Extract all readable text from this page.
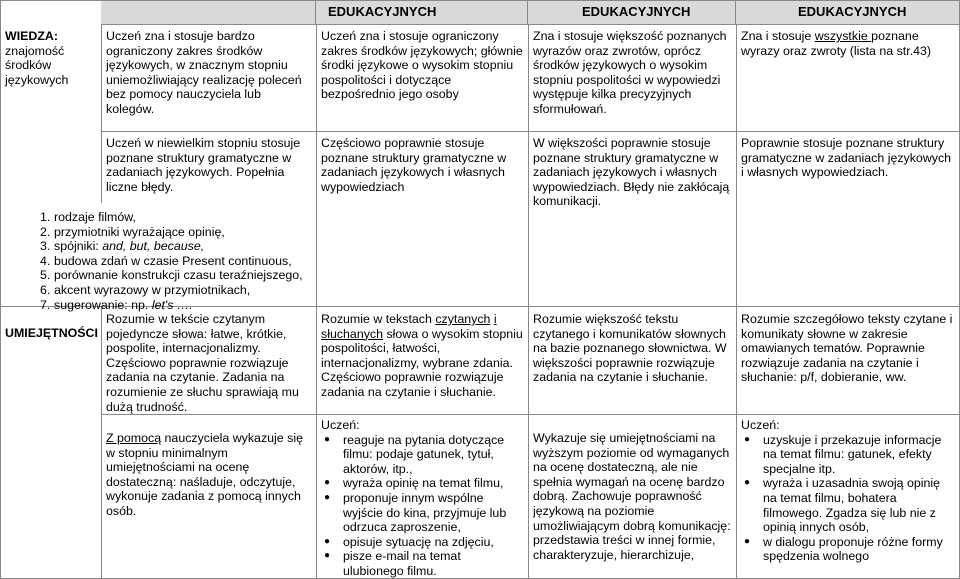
EDUKACYJNYCH	EDUKACYJNYCH	EDUKACYJNYCH

WIEDZA:

znajomość środków językowych

UMIEJĘTNOŚCI

Uczeń zna i stosuje bardzo ograniczony zakres środków językowych, w znacznym stopniu uniemożliwiający realizację poleceń bez pomocy nauczyciela lub kolegów.

Uczeń zna i stosuje ograniczony zakres środków językowych; głównie środki językowe o wysokim stopniu pospolitości i dotyczące bezpośrednio jego osoby

Zna i stosuje większość poznanych wyrazów oraz zwrotów, oprócz środków językowych o wysokim stopniu pospolitości w wypowiedzi występuje kilka precyzyjnych sformułowań.

Zna i stosuje wszystkie poznane wyrazy oraz zwroty (lista na str.43)

Uczeń w niewielkim stopniu stosuje poznane struktury gramatyczne w zadaniach językowych. Popełnia liczne błędy.

Częściowo poprawnie stosuje poznane struktury gramatyczne w zadaniach językowych i własnych wypowiedziach

W większości poprawnie stosuje poznane struktury gramatyczne w zadaniach językowych i własnych wypowiedziach. Błędy nie zakłócają komunikacji.

Poprawnie stosuje poznane struktury gramatyczne w zadaniach językowych i własnych wypowiedziach.

1. rodzaje filmów,
2. przymiotniki wyrażające opinię,
3. spójniki: and, but, because,
4. budowa zdań w czasie Present continuous,
5. porównanie konstrukcji czasu teraźniejszego,
6. akcent wyrazowy w przymiotnikach,
7. sugerowanie: np. let's ….

Rozumie w tekście czytanym pojedyncze słowa: łatwe, krótkie, pospolite, internacjonalizmy. Częściowo poprawnie rozwiązuje zadania na czytanie. Zadania na rozumienie ze słuchu sprawiają mu dużą trudność.

Rozumie w tekstach czytanych i słuchanych słowa o wysokim stopniu pospolitości, łatwości, internacjonalizmy, wybrane zdania. Częściowo poprawnie rozwiązuje zadania na czytanie i słuchanie.

Rozumie większość tekstu czytanego i komunikatów słownych na bazie poznanego słownictwa. W większości poprawnie rozwiązuje zadania na czytanie i słuchanie.

Rozumie szczegółowo teksty czytane i komunikaty słowne w zakresie omawianych tematów. Poprawnie rozwiązuje zadania na czytanie i słuchanie: p/f, dobieranie, ww.

Z pomocą nauczyciela wykazuje się w stopniu minimalnym umiejętnościami na ocenę dostateczną: naśladuje, odczytuje, wykonuje zadania z pomocą innych osób.

Uczeń:

● reaguje na pytania dotyczące filmu: podaje gatunek, tytuł, aktorów, itp.,
● wyraża opinię na temat filmu,
● proponuje innym wspólne wyjście do kina, przyjmuje lub odrzuca zaproszenie,
● opisuje sytuację na zdjęciu,
● pisze e-mail na temat ulubionego filmu.

Wykazuje się umiejętnościami na wyższym poziomie od wymaganych na ocenę dostateczną, ale nie spełnia wymagań na ocenę bardzo dobrą. Zachowuje poprawność językową na poziomie umożliwiającym dobrą komunikację: przedstawia treści w innej formie, charakteryzuje, hierarchizuje,

Uczeń:

● uzyskuje i przekazuje informacje na temat filmu: gatunek, efekty specjalne itp.
● wyraża i uzasadnia swoją opinię na temat filmu, bohatera filmowego. Zgadza się lub nie z opinią innych osób,
● w dialogu proponuje różne formy spędzenia wolnego
